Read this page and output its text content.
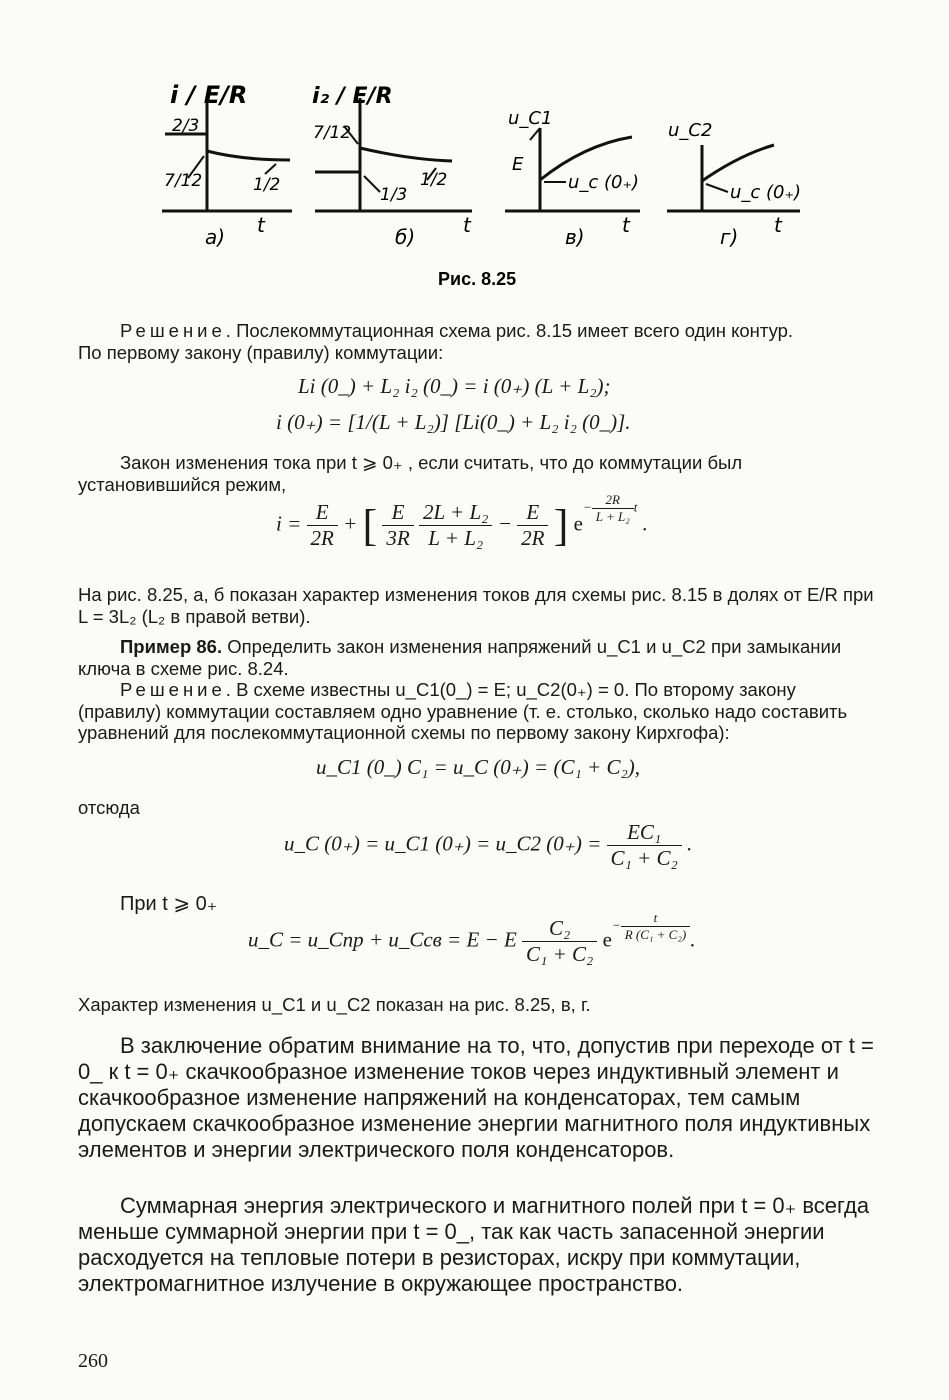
i / E/R
2/3
7/12	1/2
t
а)
i₂ / E/R
7/12
1/3
1/2
t
б)
u_C1
E
u_c (0₊)
t
в)
u_C2
u_c (0₊)
t
г)
Рис. 8.25

Решение. Послекоммутационная схема рис. 8.15 имеет всего один контур.

По первому закону (правилу) коммутации:

Li (0_) + L₂ i₂ (0_) = i (0₊) (L + L₂);
i (0₊) = [1/(L + L₂)] [Li(0_) + L₂ i₂ (0_)].

Закон изменения тока при t ⩾ 0₊ , если считать, что до коммутации был установившийся режим,

$i = \frac{E}{2R}$ + [ $\frac{E}{3R}$
$\frac{\text{2L + L₂}}{\text{L + L₂}} - \frac{E}{2R}$ ] $e- \frac{2R}{\text{L + L₂}}$ t .

На рис. 8.25, а, б показан характер изменения токов для схемы рис. 8.15 в долях от E/R при L = 3L₂ (L₂ в правой ветви).

Пример 86. Определить закон изменения напряжений u_C1 и u_C2 при замыкании ключа в схеме рис. 8.24.

Решение. В схеме известны u_C1(0_) = E; u_C2(0₊) = 0. По второму закону (правилу) коммутации составляем одно уравнение (т. е. столько, сколько надо составить уравнений для послекоммутационной схемы по первому закону Кирхгофа):

u_C1 (0_) C₁ = u_C (0₊) = (C₁ + C₂),

отсюда

u_C (0₊) = u_C1 (0₊) = u_C2 $(0_+) = \frac{\text{EC₁}}{\text{C₁ + C₂}}$ .

При t ⩾ 0₊

u_C = u_Cпр + u_Cсв = E − E $\frac{\text{C₂}}{\text{C₁ + C₂}} e- \frac{t}{\text{R (C₁ + C₂)}}$ .

Характер изменения u_C1 и u_C2 показан на рис. 8.25, в, г.

В заключение обратим внимание на то, что, допустив при переходе от t = 0_ к t = 0₊ скачкообразное изменение токов через индуктивный элемент и скачкообразное изменение напряжений на конденсаторах, тем самым допускаем скачкообразное изменение энергии магнитного поля индуктивных элементов и энергии электрического поля конденсаторов.

Суммарная энергия электрического и магнитного полей при t = 0₊ всегда меньше суммарной энергии при t = 0_, так как часть запасенной энергии расходуется на тепловые потери в резисторах, искру при коммутации, электромагнитное излучение в окружающее пространство.

260
